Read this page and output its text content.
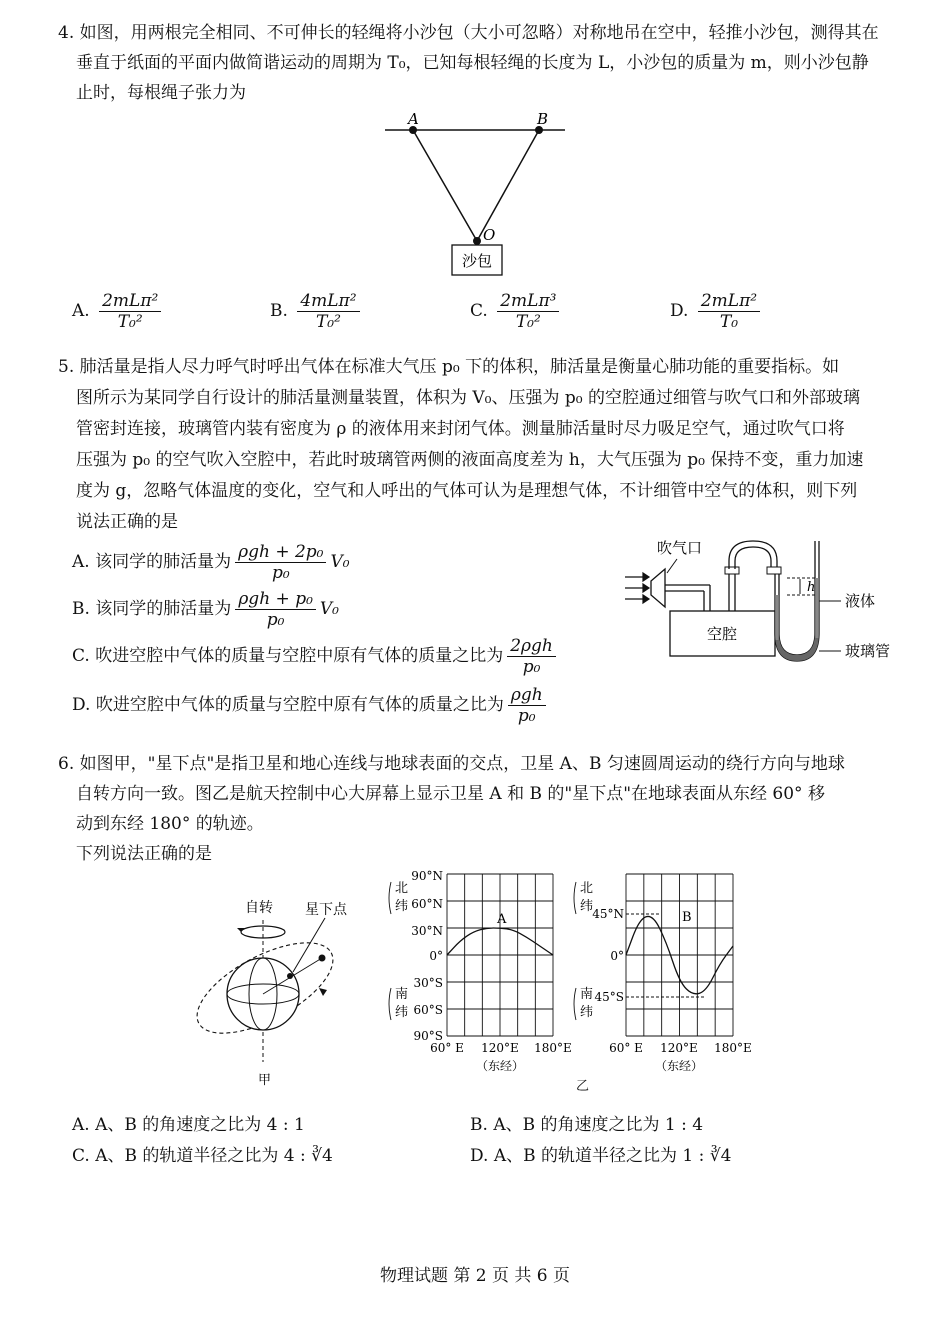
4. 如图，用两根完全相同、不可伸长的轻绳将小沙包（大小可忽略）对称地吊在空中，轻推小沙包，测得其在
垂直于纸面的平面内做简谐运动的周期为 T₀，已知每根轻绳的长度为 L，小沙包的质量为 m，则小沙包静
止时，每根绳子张力为
A	B
O
沙包
A. $\frac{\text{2mLπ²}}{\text{T₀²}}$	B. $\frac{\text{4mLπ²}}{\text{T₀²}}$	C. $\frac{\text{2mLπ³}}{\text{T₀²}}$	D. $\frac{\text{2mLπ²}}{\text{T₀}}$
5. 肺活量是指人尽力呼气时呼出气体在标准大气压 p₀ 下的体积，肺活量是衡量心肺功能的重要指标。如
图所示为某同学自行设计的肺活量测量装置，体积为 V₀、压强为 p₀ 的空腔通过细管与吹气口和外部玻璃
管密封连接，玻璃管内装有密度为 ρ 的液体用来封闭气体。测量肺活量时尽力吸足空气，通过吹气口将
压强为 p₀ 的空气吹入空腔中，若此时玻璃管两侧的液面高度差为 h，大气压强为 p₀ 保持不变，重力加速
度为 g，忽略气体温度的变化，空气和人呼出的气体可认为是理想气体，不计细管中空气的体积，则下列
说法正确的是
A. 该同学的肺活量为 $\frac{\text{ρgh + 2p₀}}{\text{p₀}} V_0$
B. 该同学的肺活量为 $\frac{\text{ρgh + p₀}}{\text{p₀}} V_0$
C. 吹进空腔中气体的质量与空腔中原有气体的质量之比为 $\frac{\text{2ρgh}}{\text{p₀}}$
D. 吹进空腔中气体的质量与空腔中原有气体的质量之比为 $\frac{\text{ρgh}}{\text{p₀}}$
吹气口
空腔
h
液体
玻璃管
6. 如图甲，"星下点"是指卫星和地心连线与地球表面的交点，卫星 A、B 匀速圆周运动的绕行方向与地球
自转方向一致。图乙是航天控制中心大屏幕上显示卫星 A 和 B 的"星下点"在地球表面从东经 60° 移
动到东经 180° 的轨迹。
下列说法正确的是
自转 星下点
甲
A
北
纬
南
纬
90°N
60°N
30°N
0°
30°S
60°S
90°S
60° E 120°E 180°E
（东经）
B
北
纬
南
纬
45°N
0°
45°S
60° E 120°E 180°E
（东经）
乙
A. A、B 的角速度之比为 4 : 1	B. A、B 的角速度之比为 1 : 4
C. A、B 的轨道半径之比为 4 : ∛4	D. A、B 的轨道半径之比为 1 : ∛4
物理试题 第 2 页 共 6 页
